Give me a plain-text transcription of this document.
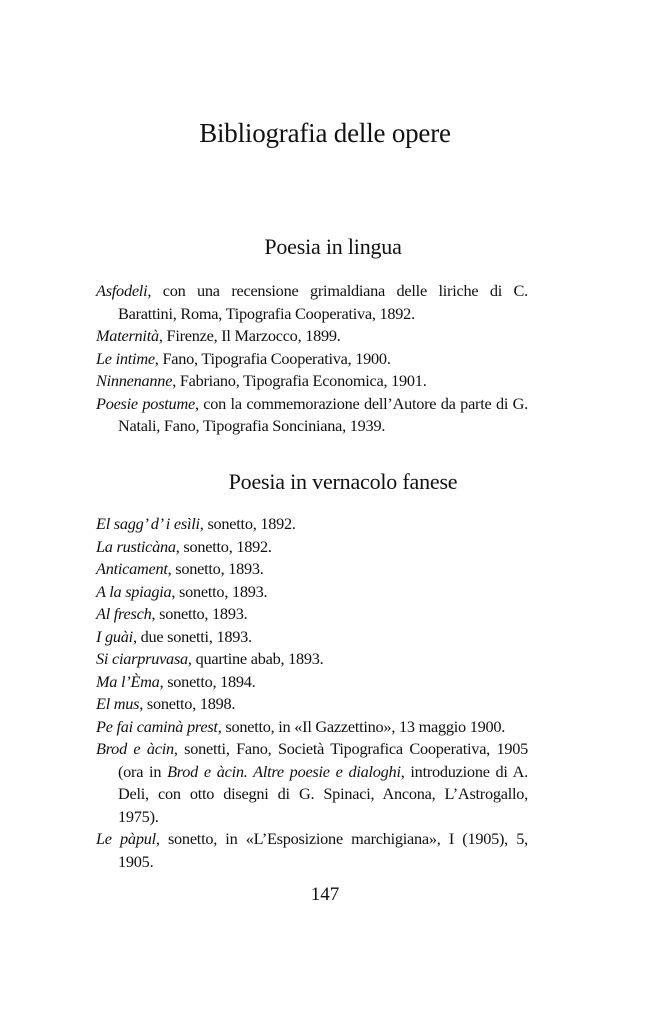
Bibliografia delle opere
Poesia in lingua
Asfodeli, con una recensione grimaldiana delle liriche di C. Barattini, Roma, Tipografia Cooperativa, 1892.
Maternità, Firenze, Il Marzocco, 1899.
Le intime, Fano, Tipografia Cooperativa, 1900.
Ninnenanne, Fabriano, Tipografia Economica, 1901.
Poesie postume, con la commemorazione dell’Autore da parte di G. Natali, Fano, Tipografia Sonciniana, 1939.
Poesia in vernacolo fanese
El sagg’ d’ i esìli, sonetto, 1892.
La rusticàna, sonetto, 1892.
Anticament, sonetto, 1893.
A la spiagia, sonetto, 1893.
Al fresch, sonetto, 1893.
I guài, due sonetti, 1893.
Si ciarpruvasa, quartine abab, 1893.
Ma l’Èma, sonetto, 1894.
El mus, sonetto, 1898.
Pe fai caminà prest, sonetto, in «Il Gazzettino», 13 maggio 1900.
Brod e àcin, sonetti, Fano, Società Tipografica Cooperativa, 1905 (ora in Brod e àcin. Altre poesie e dialoghi, introduzione di A. Deli, con otto disegni di G. Spinaci, Ancona, L’Astrogallo, 1975).
Le pàpul, sonetto, in «L’Esposizione marchigiana», I (1905), 5, 1905.
147
